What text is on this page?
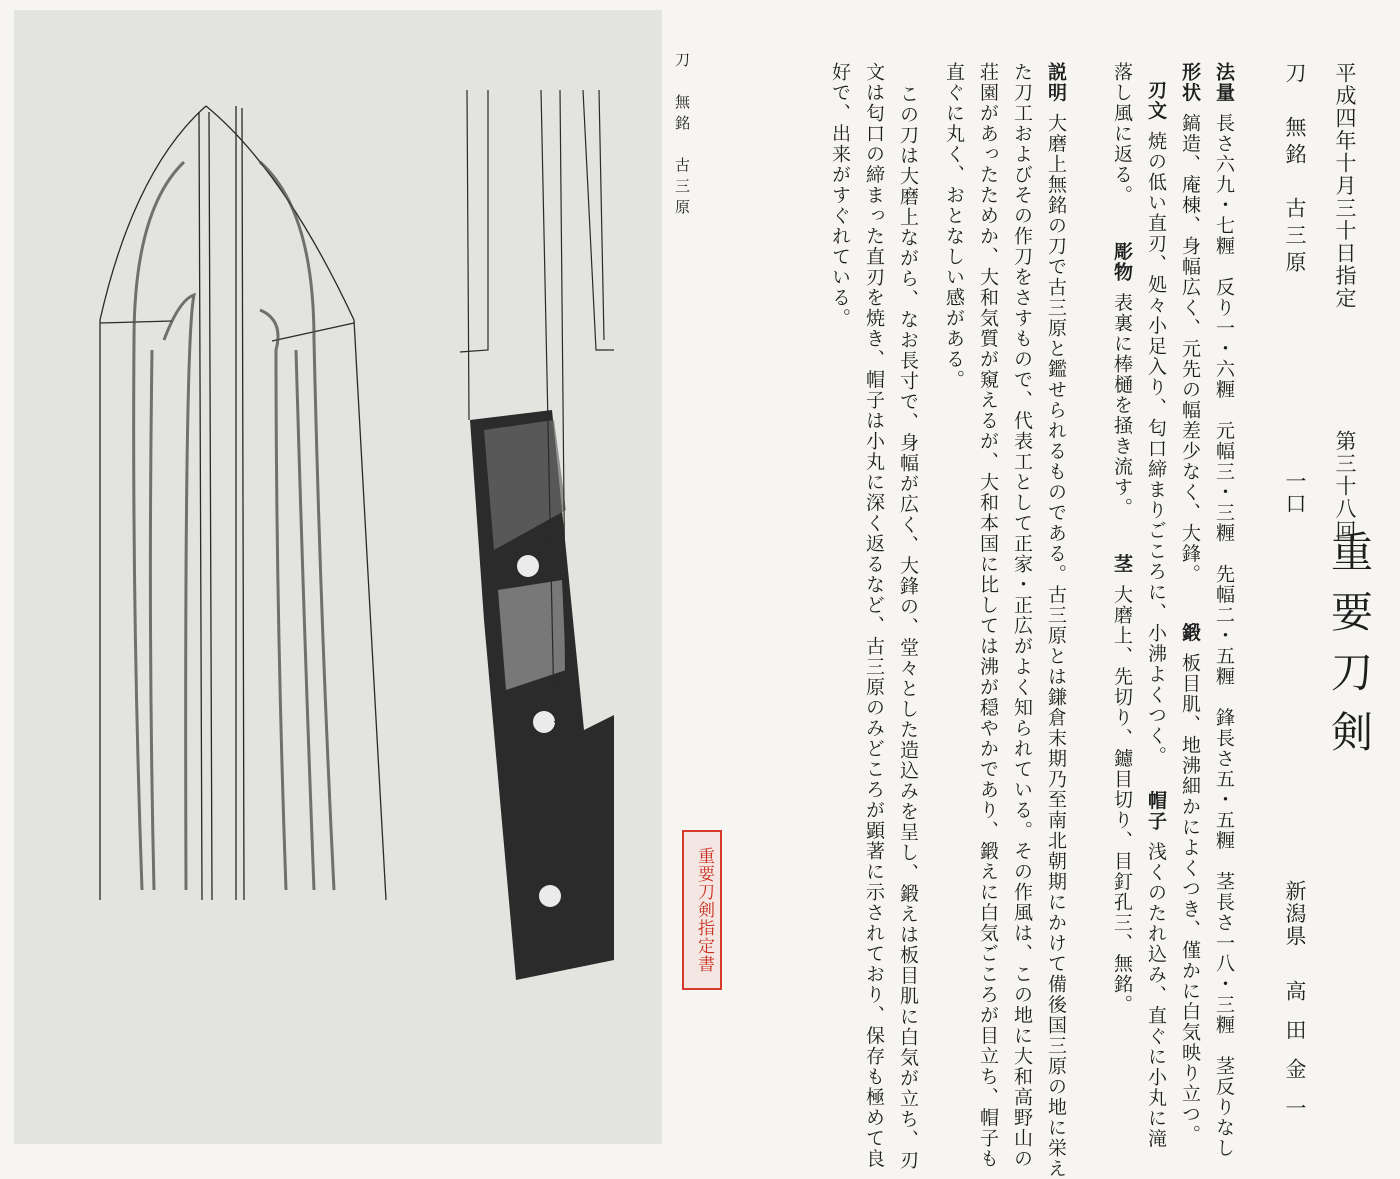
刀　無銘　古三原
重要刀剣指定書
平成四年十月三十日指定
第三十八回
重要刀剣
刀　無銘　古三原
一口
新潟県
高田金一
法量長さ六九・七糎　反り一・六糎　元幅三・三糎　先幅二・五糎　鋒長さ五・五糎　茎長さ一八・三糎　茎反りなし
形状鎬造、庵棟、身幅広く、元先の幅差少なく、大鋒。鍛板目肌、地沸細かによくつき、僅かに白気映り立つ。
刃文焼の低い直刃、処々小足入り、匂口締まりごころに、小沸よくつく。帽子浅くのたれ込み、直ぐに小丸に滝
落し風に返る。彫物表裏に棒樋を掻き流す。茎大磨上、先切り、鑢目切り、目釘孔三、無銘。
説明大磨上無銘の刀で古三原と鑑せられるものである。古三原とは鎌倉末期乃至南北朝期にかけて備後国三原の地に栄え
た刀工およびその作刀をさすもので、代表工として正家・正広がよく知られている。その作風は、この地に大和高野山の
荘園があったためか、大和気質が窺えるが、大和本国に比しては沸が穏やかであり、鍛えに白気ごころが目立ち、帽子も
直ぐに丸く、おとなしい感がある。
この刀は大磨上ながら、なお長寸で、身幅が広く、大鋒の、堂々とした造込みを呈し、鍛えは板目肌に白気が立ち、刃
文は匂口の締まった直刃を焼き、帽子は小丸に深く返るなど、古三原のみどころが顕著に示されており、保存も極めて良
好で、出来がすぐれている。
